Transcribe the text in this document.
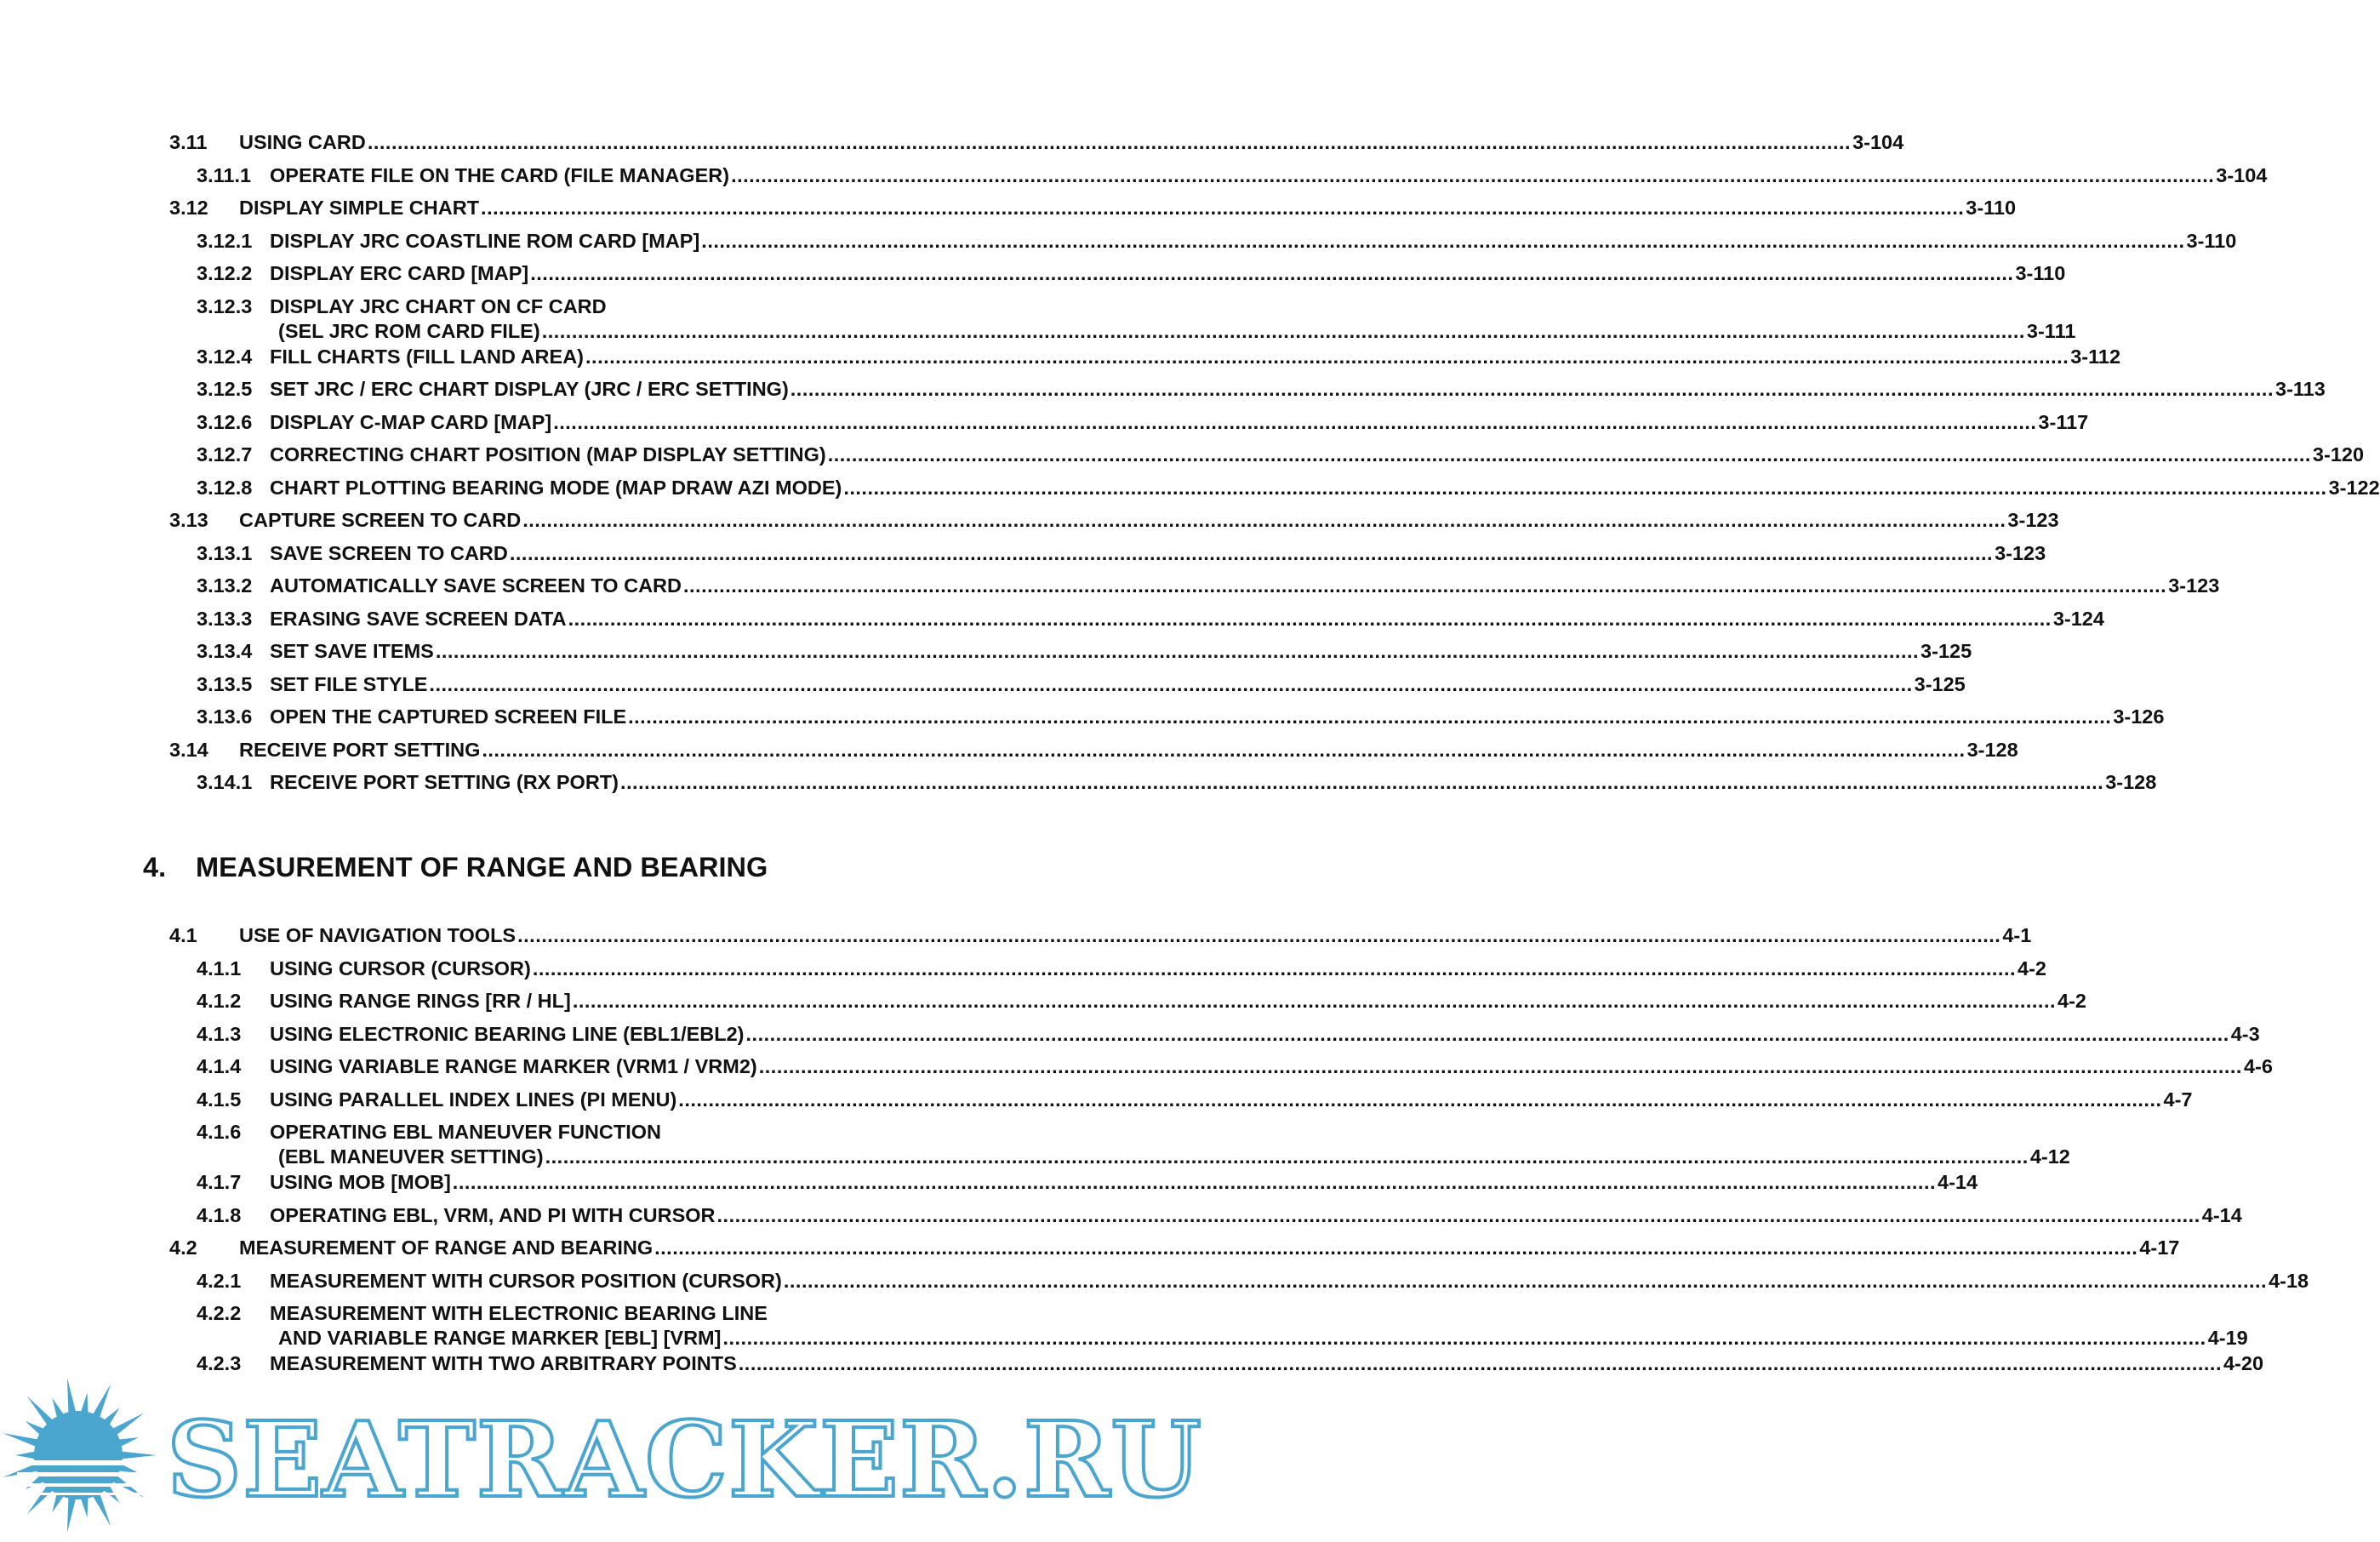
3.11 USING CARD .....	3-104
3.11.1 OPERATE FILE ON THE CARD (FILE MANAGER) .....	3-104
3.12 DISPLAY SIMPLE CHART .....	3-110
3.12.1 DISPLAY JRC COASTLINE ROM CARD [MAP] .....	3-110
3.12.2 DISPLAY ERC CARD [MAP] .....	3-110
3.12.3 DISPLAY JRC CHART ON CF CARD
(SEL JRC ROM CARD FILE) .....	3-111
3.12.4 FILL CHARTS (FILL LAND AREA) .....	3-112
3.12.5 SET JRC / ERC CHART DISPLAY (JRC / ERC SETTING) .....	3-113
3.12.6 DISPLAY C-MAP CARD [MAP] .....	3-117
3.12.7 CORRECTING CHART POSITION (MAP DISPLAY SETTING) .....	3-120
3.12.8 CHART PLOTTING BEARING MODE (MAP DRAW AZI MODE) .....	3-122
3.13 CAPTURE SCREEN TO CARD .....	3-123
3.13.1 SAVE SCREEN TO CARD .....	3-123
3.13.2 AUTOMATICALLY SAVE SCREEN TO CARD .....	3-123
3.13.3 ERASING SAVE SCREEN DATA .....	3-124
3.13.4 SET SAVE ITEMS .....	3-125
3.13.5 SET FILE STYLE .....	3-125
3.13.6 OPEN THE CAPTURED SCREEN FILE .....	3-126
3.14 RECEIVE PORT SETTING .....	3-128
3.14.1 RECEIVE PORT SETTING (RX PORT) .....	3-128
4. MEASUREMENT OF RANGE AND BEARING
4.1 USE OF NAVIGATION TOOLS .....	4-1
4.1.1 USING CURSOR (CURSOR) .....	4-2
4.1.2 USING RANGE RINGS [RR / HL] .....	4-2
4.1.3 USING ELECTRONIC BEARING LINE (EBL1/EBL2) .....	4-3
4.1.4 USING VARIABLE RANGE MARKER (VRM1 / VRM2) .....	4-6
4.1.5 USING PARALLEL INDEX LINES (PI MENU) .....	4-7
4.1.6 OPERATING EBL MANEUVER FUNCTION
(EBL MANEUVER SETTING) .....	4-12
4.1.7 USING MOB [MOB] .....	4-14
4.1.8 OPERATING EBL, VRM, AND PI WITH CURSOR .....	4-14
4.2 MEASUREMENT OF RANGE AND BEARING .....	4-17
4.2.1 MEASUREMENT WITH CURSOR POSITION (CURSOR) .....	4-18
4.2.2 MEASUREMENT WITH ELECTRONIC BEARING LINE
AND VARIABLE RANGE MARKER [EBL] [VRM] .....	4-19
4.2.3 MEASUREMENT WITH TWO ARBITRARY POINTS .....	4-20
SEATRACKER.RU
